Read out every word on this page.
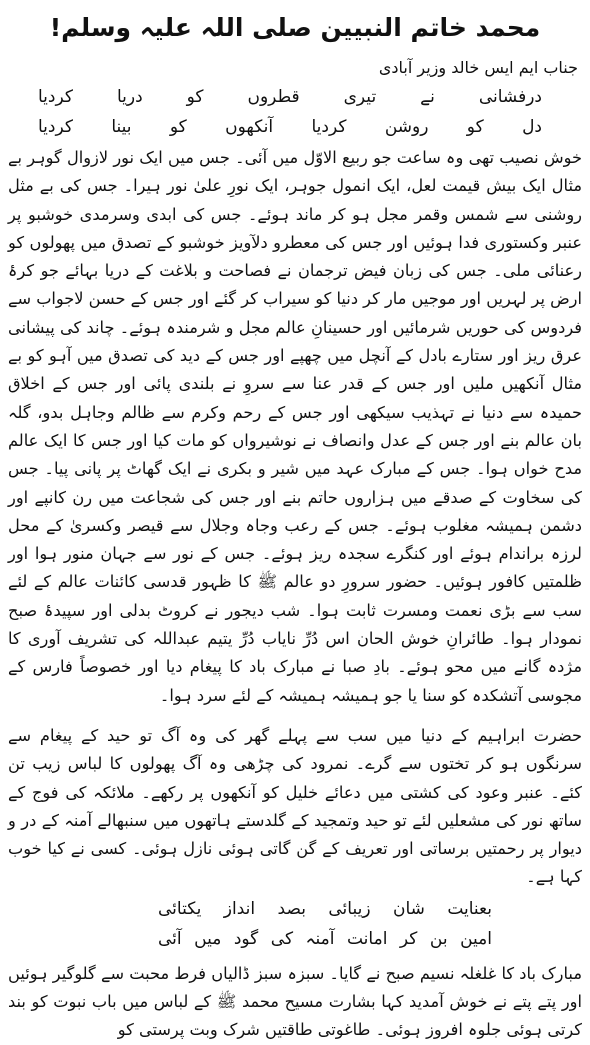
محمد خاتم النبیین صلی اللہ علیہ وسلم!
جناب ایم ایس خالد وزیر آبادی
درفشانی نے تیری قطروں کو دریا کردیا
دل کو روشن کردیا آنکھوں کو بینا کردیا

خوش نصیب تھی وہ ساعت جو ربیع الاوّل میں آئی۔ جس میں ایک نور لازوال گوہر بے مثال ایک بیش قیمت لعل، ایک انمول جوہر، ایک نورِ علیٰ نور ہیرا۔ جس کی بے مثل روشنی سے شمس وقمر مجل ہو کر ماند ہوئے۔ جس کی ابدی وسرمدی خوشبو پر عنبر وکستوری فدا ہوئیں اور جس کی معطرو دلآویز خوشبو کے تصدق میں پھولوں کو رعنائی ملی۔ جس کی زبان فیض ترجمان نے فصاحت و بلاغت کے دریا بہائے جو کرۂ ارض پر لہریں اور موجیں مار کر دنیا کو سیراب کر گئے اور جس کے حسن لاجواب سے فردوس کی حوریں شرمائیں اور حسینانِ عالم مجل و شرمندہ ہوئے۔ چاند کی پیشانی عرق ریز اور ستارے بادل کے آنچل میں چھپے اور جس کے دید کی تصدق میں آہو کو بے مثال آنکھیں ملیں اور جس کے قدر عنا سے سروِ نے بلندی پائی اور جس کے اخلاق حمیدہ سے دنیا نے تہذیب سیکھی اور جس کے رحم وکرم سے ظالم وجاہل بدو، گلہ بان عالم بنے اور جس کے عدل وانصاف نے نوشیرواں کو مات کیا اور جس کا ایک عالم مدح خواں ہوا۔ جس کے مبارک عہد میں شیر و بکری نے ایک گھاٹ پر پانی پیا۔ جس کی سخاوت کے صدقے میں ہزاروں حاتم بنے اور جس کی شجاعت میں رن کانپے اور دشمن ہمیشہ مغلوب ہوئے۔ جس کے رعب وجاہ وجلال سے قیصر وکسریٰ کے محل لرزہ براندام ہوئے اور کنگرے سجدہ ریز ہوئے۔ جس کے نور سے جہان منور ہوا اور ظلمتیں کافور ہوئیں۔ حضور سرورِ دو عالم ﷺ کا ظہور قدسی کائنات عالم کے لئے سب سے بڑی نعمت ومسرت ثابت ہوا۔ شب دیجور نے کروٹ بدلی اور سپیدۂ صبح نمودار ہوا۔ طائرانِ خوش الحان اس دُرِّ نایاب دُرِّ یتیم عبداللہ کی تشریف آوری کا مژدہ گانے میں محو ہوئے۔ بادِ صبا نے مبارک باد کا پیغام دیا اور خصوصاً فارس کے مجوسی آتشکدہ کو سنا یا جو ہمیشہ ہمیشہ کے لئے سرد ہوا۔

حضرت ابراہیم کے دنیا میں سب سے پہلے گھر کی وہ آگ تو حید کے پیغام سے سرنگوں ہو کر تختوں سے گرے۔ نمرود کی چڑھی وہ آگ پھولوں کا لباس زیب تن کئے۔ عنبر وعود کی کشتی میں دعائے خلیل کو آنکھوں پر رکھے۔ ملائکہ کی فوج کے ساتھ نور کی مشعلیں لئے تو حید وتمجید کے گلدستے ہاتھوں میں سنبھالے آمنہ کے در و دیوار پر رحمتیں برساتی اور تعریف کے گن گاتی ہوئی نازل ہوئی۔ کسی نے کیا خوب کہا ہے۔

بعنایت شان زیبائی بصد انداز یکتائی
امین بن کر امانت آمنہ کی گود میں آئی

مبارک باد کا غلغلہ نسیم صبح نے گایا۔ سبزہ سبز ڈالیاں فرط محبت سے گلوگیر ہوئیں اور پتے پتے نے خوش آمدید کہا بشارت مسیح محمد ﷺ کے لباس میں باب نبوت کو بند کرتی ہوئی جلوہ افروز ہوئی۔ طاغوتی طاقتیں شرک وبت پرستی کو
